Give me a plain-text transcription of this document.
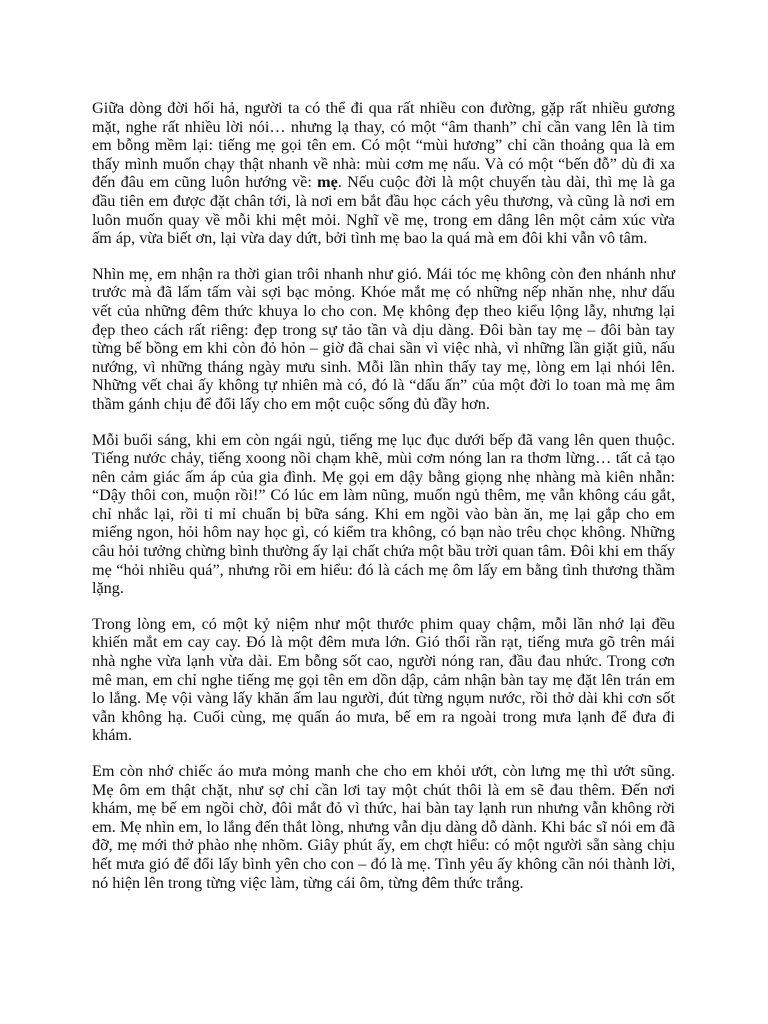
Giữa dòng đời hối hả, người ta có thể đi qua rất nhiều con đường, gặp rất nhiều gương mặt, nghe rất nhiều lời nói… nhưng lạ thay, có một “âm thanh” chỉ cần vang lên là tim em bỗng mềm lại: tiếng mẹ gọi tên em. Có một “mùi hương” chỉ cần thoảng qua là em thấy mình muốn chạy thật nhanh về nhà: mùi cơm mẹ nấu. Và có một “bến đỗ” dù đi xa đến đâu em cũng luôn hướng về: mẹ. Nếu cuộc đời là một chuyến tàu dài, thì mẹ là ga đầu tiên em được đặt chân tới, là nơi em bắt đầu học cách yêu thương, và cũng là nơi em luôn muốn quay về mỗi khi mệt mỏi. Nghĩ về mẹ, trong em dâng lên một cảm xúc vừa ấm áp, vừa biết ơn, lại vừa day dứt, bởi tình mẹ bao la quá mà em đôi khi vẫn vô tâm.

Nhìn mẹ, em nhận ra thời gian trôi nhanh như gió. Mái tóc mẹ không còn đen nhánh như trước mà đã lấm tấm vài sợi bạc mỏng. Khóe mắt mẹ có những nếp nhăn nhẹ, như dấu vết của những đêm thức khuya lo cho con. Mẹ không đẹp theo kiểu lộng lẫy, nhưng lại đẹp theo cách rất riêng: đẹp trong sự tảo tần và dịu dàng. Đôi bàn tay mẹ – đôi bàn tay từng bế bồng em khi còn đỏ hỏn – giờ đã chai sần vì việc nhà, vì những lần giặt giũ, nấu nướng, vì những tháng ngày mưu sinh. Mỗi lần nhìn thấy tay mẹ, lòng em lại nhói lên. Những vết chai ấy không tự nhiên mà có, đó là “dấu ấn” của một đời lo toan mà mẹ âm thầm gánh chịu để đổi lấy cho em một cuộc sống đủ đầy hơn.

Mỗi buổi sáng, khi em còn ngái ngủ, tiếng mẹ lục đục dưới bếp đã vang lên quen thuộc. Tiếng nước chảy, tiếng xoong nồi chạm khẽ, mùi cơm nóng lan ra thơm lừng… tất cả tạo nên cảm giác ấm áp của gia đình. Mẹ gọi em dậy bằng giọng nhẹ nhàng mà kiên nhẫn: “Dậy thôi con, muộn rồi!” Có lúc em làm nũng, muốn ngủ thêm, mẹ vẫn không cáu gắt, chỉ nhắc lại, rồi tỉ mỉ chuẩn bị bữa sáng. Khi em ngồi vào bàn ăn, mẹ lại gắp cho em miếng ngon, hỏi hôm nay học gì, có kiểm tra không, có bạn nào trêu chọc không. Những câu hỏi tưởng chừng bình thường ấy lại chất chứa một bầu trời quan tâm. Đôi khi em thấy mẹ “hỏi nhiều quá”, nhưng rồi em hiểu: đó là cách mẹ ôm lấy em bằng tình thương thầm lặng.

Trong lòng em, có một kỷ niệm như một thước phim quay chậm, mỗi lần nhớ lại đều khiến mắt em cay cay. Đó là một đêm mưa lớn. Gió thổi rần rạt, tiếng mưa gõ trên mái nhà nghe vừa lạnh vừa dài. Em bỗng sốt cao, người nóng ran, đầu đau nhức. Trong cơn mê man, em chỉ nghe tiếng mẹ gọi tên em dồn dập, cảm nhận bàn tay mẹ đặt lên trán em lo lắng. Mẹ vội vàng lấy khăn ấm lau người, đút từng ngụm nước, rồi thở dài khi cơn sốt vẫn không hạ. Cuối cùng, mẹ quấn áo mưa, bế em ra ngoài trong mưa lạnh để đưa đi khám.

Em còn nhớ chiếc áo mưa mỏng manh che cho em khỏi ướt, còn lưng mẹ thì ướt sũng. Mẹ ôm em thật chặt, như sợ chỉ cần lơi tay một chút thôi là em sẽ đau thêm. Đến nơi khám, mẹ bế em ngồi chờ, đôi mắt đỏ vì thức, hai bàn tay lạnh run nhưng vẫn không rời em. Mẹ nhìn em, lo lắng đến thắt lòng, nhưng vẫn dịu dàng dỗ dành. Khi bác sĩ nói em đã đỡ, mẹ mới thở phào nhẹ nhõm. Giây phút ấy, em chợt hiểu: có một người sẵn sàng chịu hết mưa gió để đổi lấy bình yên cho con – đó là mẹ. Tình yêu ấy không cần nói thành lời, nó hiện lên trong từng việc làm, từng cái ôm, từng đêm thức trắng.
